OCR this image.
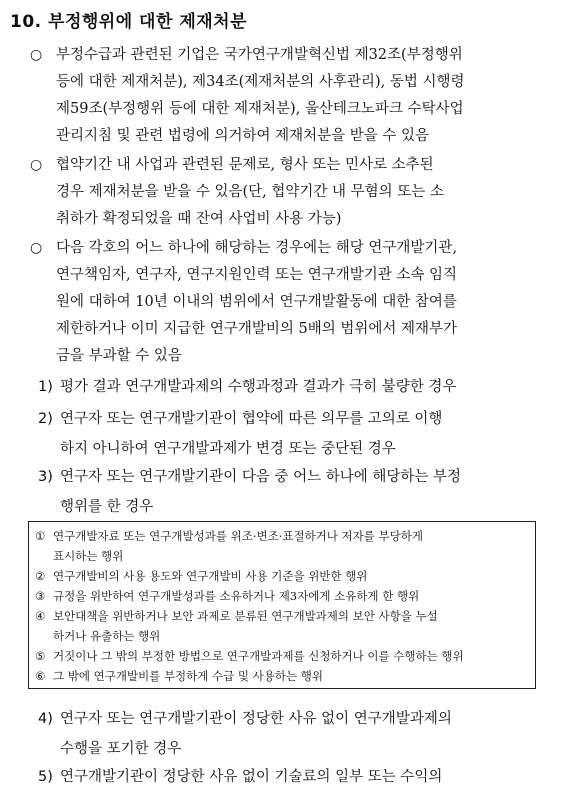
10. 부정행위에 대한 제재처분
○ 부정수급과 관련된 기업은 국가연구개발혁신법 제32조(부정행위
등에 대한 제재처분), 제34조(제재처분의 사후관리), 동법 시행령
제59조(부정행위 등에 대한 제재처분), 울산테크노파크 수탁사업
관리지침 및 관련 법령에 의거하여 제재처분을 받을 수 있음
○ 협약기간 내 사업과 관련된 문제로, 형사 또는 민사로 소추된
경우 제재처분을 받을 수 있음(단, 협약기간 내 무혐의 또는 소
취하가 확정되었을 때 잔여 사업비 사용 가능)
○ 다음 각호의 어느 하나에 해당하는 경우에는 해당 연구개발기관,
연구책임자, 연구자, 연구지원인력 또는 연구개발기관 소속 임직
원에 대하여 10년 이내의 범위에서 연구개발활동에 대한 참여를
제한하거나 이미 지급한 연구개발비의 5배의 범위에서 제재부가
금을 부과할 수 있음
1) 평가 결과 연구개발과제의 수행과정과 결과가 극히 불량한 경우
2) 연구자 또는 연구개발기관이 협약에 따른 의무를 고의로 이행
하지 아니하여 연구개발과제가 변경 또는 중단된 경우
3) 연구자 또는 연구개발기관이 다음 중 어느 하나에 해당하는 부정
행위를 한 경우
① 연구개발자료 또는 연구개발성과를 위조·변조·표절하거나 저자를 부당하게
표시하는 행위
② 연구개발비의 사용 용도와 연구개발비 사용 기준을 위반한 행위
③ 규정을 위반하여 연구개발성과를 소유하거나 제3자에게 소유하게 한 행위
④ 보안대책을 위반하거나 보안 과제로 분류된 연구개발과제의 보안 사항을 누설
하거나 유출하는 행위
⑤ 거짓이나 그 밖의 부정한 방법으로 연구개발과제를 신청하거나 이를 수행하는 행위
⑥ 그 밖에 연구개발비를 부정하게 수급 및 사용하는 행위
4) 연구자 또는 연구개발기관이 정당한 사유 없이 연구개발과제의
수행을 포기한 경우
5) 연구개발기관이 정당한 사유 없이 기술료의 일부 또는 수익의
